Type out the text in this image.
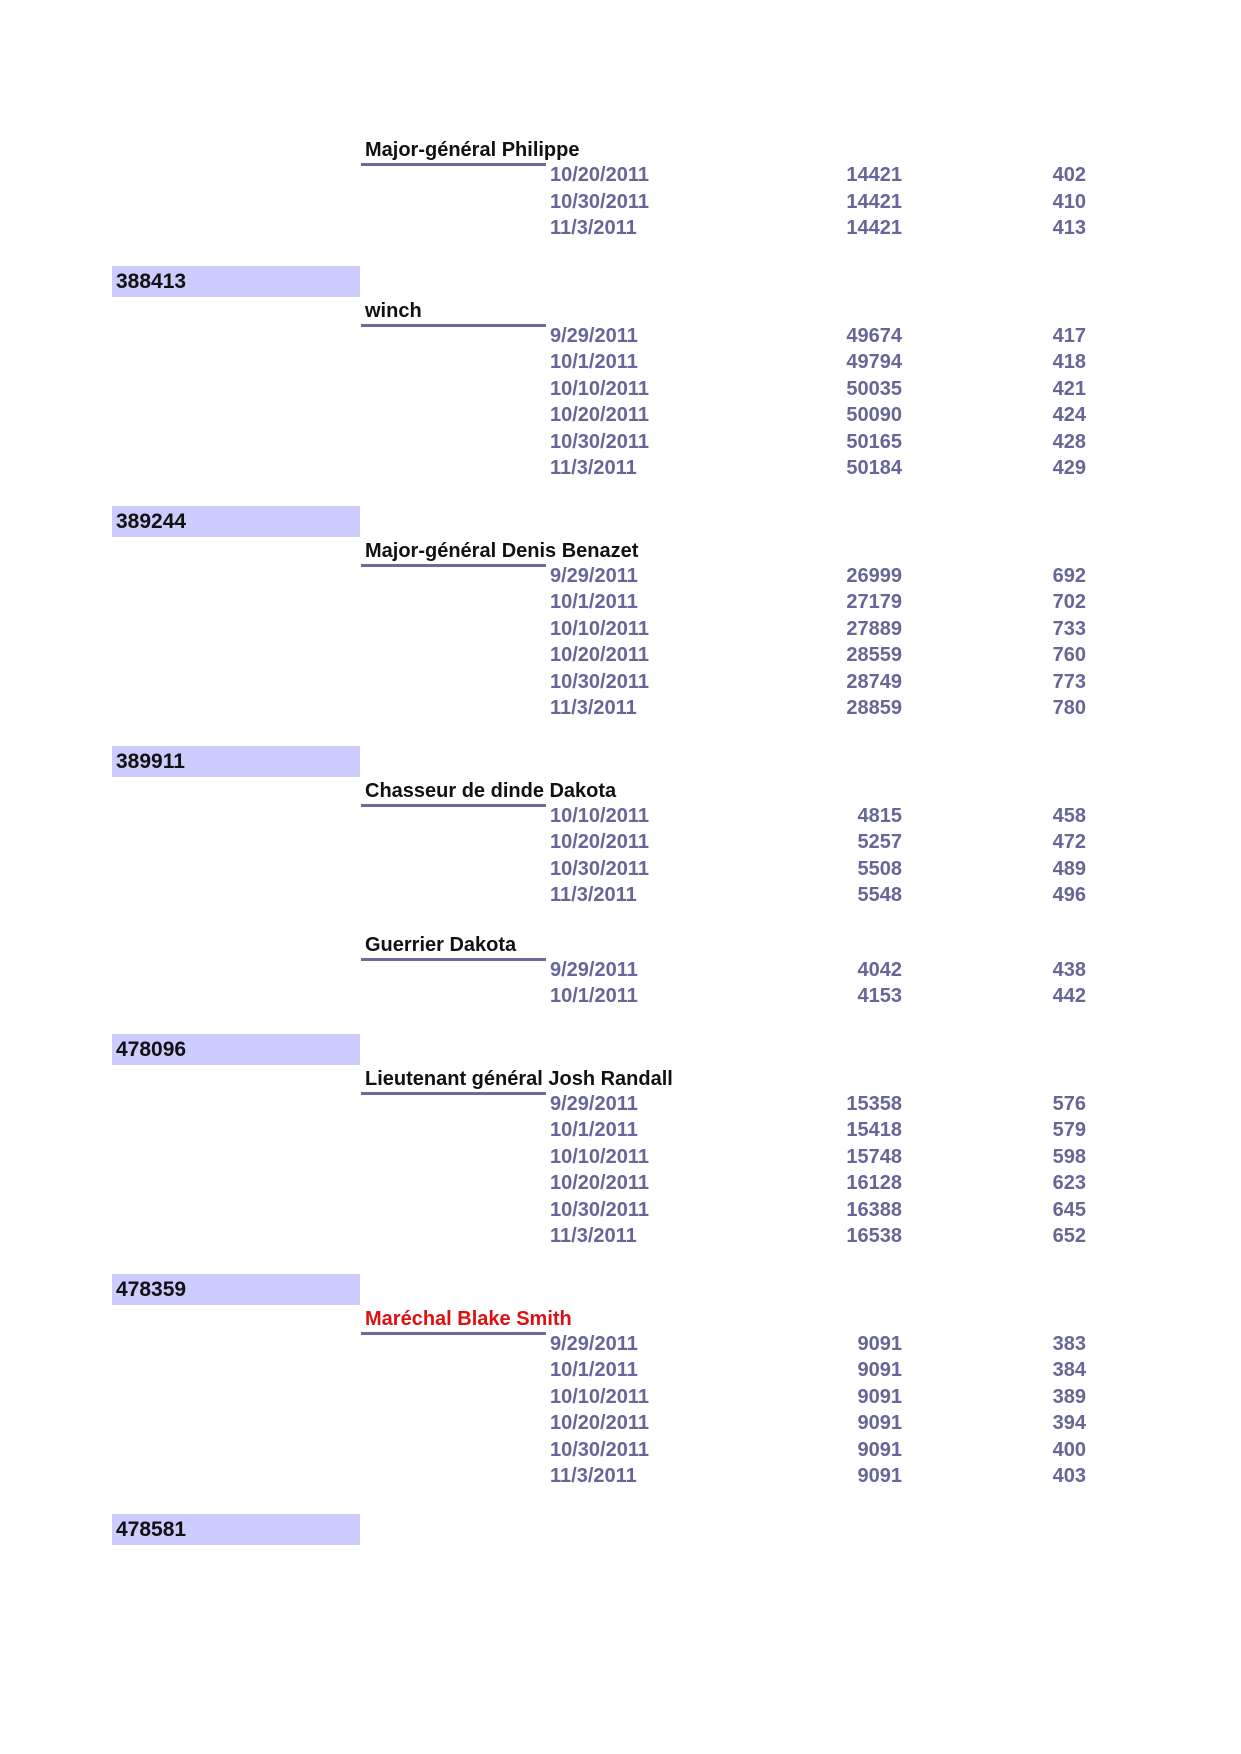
Major-général Philippe
10/20/2011	14421	402
10/30/2011	14421	410
11/3/2011	14421	413
388413
winch
9/29/2011	49674	417
10/1/2011	49794	418
10/10/2011	50035	421
10/20/2011	50090	424
10/30/2011	50165	428
11/3/2011	50184	429
389244
Major-général Denis Benazet
9/29/2011	26999	692
10/1/2011	27179	702
10/10/2011	27889	733
10/20/2011	28559	760
10/30/2011	28749	773
11/3/2011	28859	780
389911
Chasseur de dinde Dakota
10/10/2011	4815	458
10/20/2011	5257	472
10/30/2011	5508	489
11/3/2011	5548	496
Guerrier Dakota
9/29/2011	4042	438
10/1/2011	4153	442
478096
Lieutenant général Josh Randall
9/29/2011	15358	576
10/1/2011	15418	579
10/10/2011	15748	598
10/20/2011	16128	623
10/30/2011	16388	645
11/3/2011	16538	652
478359
Maréchal Blake Smith
9/29/2011	9091	383
10/1/2011	9091	384
10/10/2011	9091	389
10/20/2011	9091	394
10/30/2011	9091	400
11/3/2011	9091	403
478581
